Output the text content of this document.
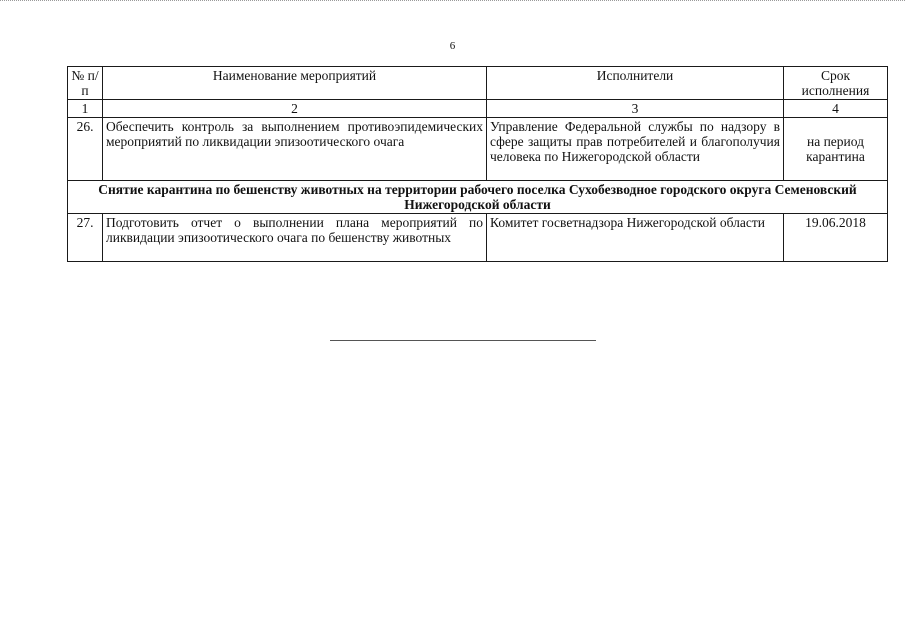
6
№ п/п	Наименование мероприятий	Исполнители	Срок исполнения
1	2	3	4
26.	Обеспечить контроль за выполнением противоэпидемических мероприятий по ликвидации эпизоотического очага	Управление Федеральной службы по надзору в сфере защиты прав потребителей и благополучия человека по Нижегородской области	на период карантина
Снятие карантина по бешенству животных на территории рабочего поселка Сухобезводное городского округа Семеновский Нижегородской области			
27.	Подготовить отчет о выполнении плана мероприятий по ликвидации эпизоотического очага по бешенству животных	Комитет госветнадзора Нижегородской области	19.06.2018
